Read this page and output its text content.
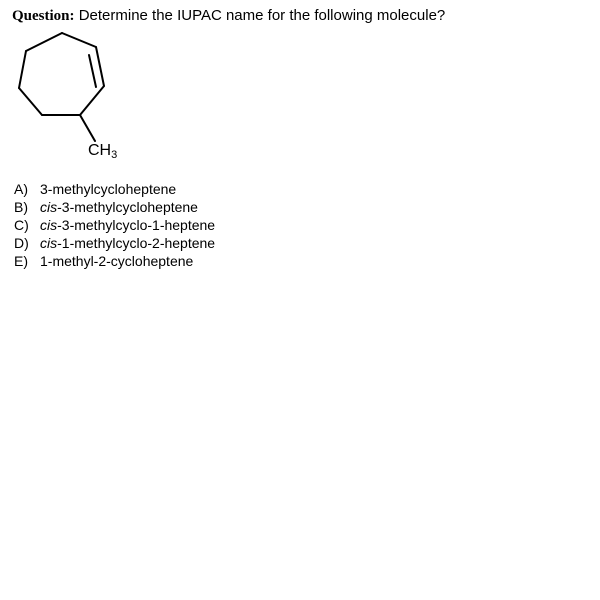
Question: Determine the IUPAC name for the following molecule?
$CH_3$
A) 3-methylcycloheptene
B) cis-3-methylcycloheptene
C) cis-3-methylcyclo-1-heptene
D) cis-1-methylcyclo-2-heptene
E) 1-methyl-2-cycloheptene
